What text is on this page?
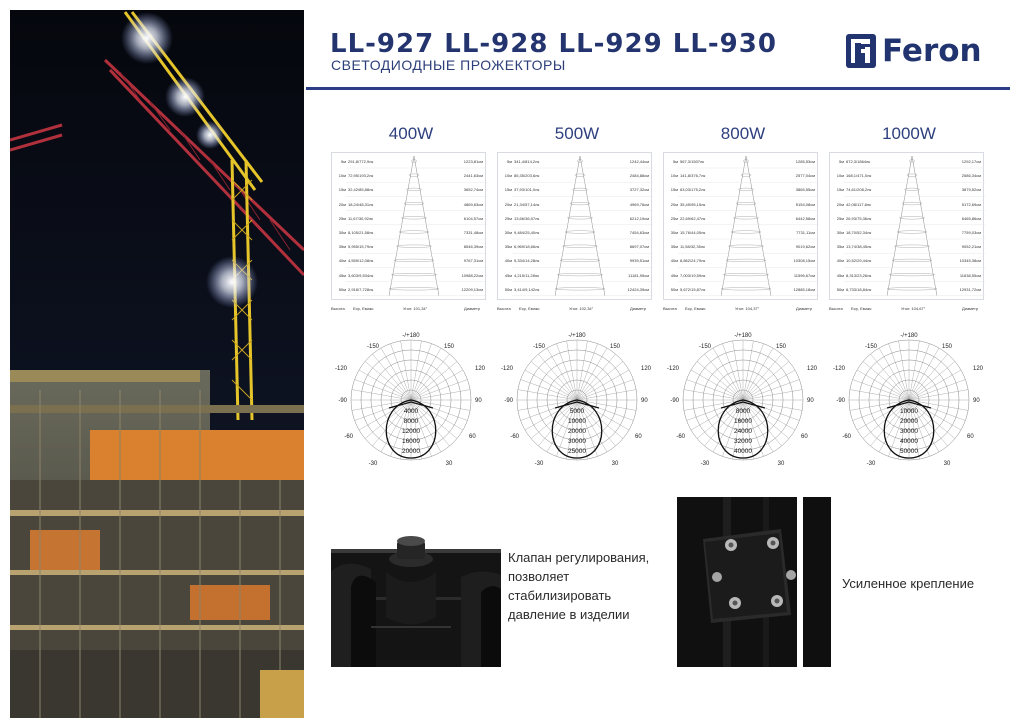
LL-927 LL-928 LL-929 LL-930
СВЕТОДИОДНЫЕ ПРОЖЕКТОРЫ	Feron
400W	500W	800W	1000W
5м 291,8/772,9лк	1223,81см
10м 72,95/193,2лк	2441,63см
15м 32,42/85,88лк	3652,74см
20м 18,24/48,31лк	4869,63см
25м 11,67/30,92лк	6104,57см
30м 8,105/21,58лк	7331,48см
35м 5,955/15,79лк	8546,39см
40м 4,559/12,08лк	9767,31см
45м 3,603/9,534лк	10988,22см
50м 2,918/7,728лк	12209,13см
Высота Еср, Емакс	Угол: 101,34°	Диаметр
5м 341,4/814,2лк	1242,44см
10м 85,35/203,6лк	2484,88см
15м 37,93/101,0лк	3727,32см
20м 21,34/57,14лк	4969,76см
25м 13,66/36,57лк	6212,19см
30м 9,484/25,40лк	7454,63см
35м 6,969/18,66лк	8697,07см
40м 5,334/14,28лк	9939,51см
45м 4,215/11,28лк	11181,95см
50м 3,414/9,142лк	12424,39см
Высота Еср, Емакс	Угол: 102,34°	Диаметр
5м 567,3/1507лк	1285,53см
10м 141,8/376,7лк	2577,04см
15м 63,03/175,2лк	3865,55см
20м 35,45/95,15лк	5154,08см
25м 22,69/62,47лк	6442,58см
30м 15,76/44,05лк	7731,11см
35м 11,58/32,35лк	9019,62см
40м 8,862/24,79лк	10308,15см
45м 7,003/19,59лк	11596,67см
50м 5,672/15,87лк	12885,18см
Высота Еср, Емакс	Угол: 104,37°	Диаметр
5м 672,3/1864лк	1292,17см
10м 168,1/471,0лк	2586,34см
15м 74,61/208,2лк	3879,52см
20м 42,08/117,8лк	5172,69см
25м 26,93/75,36лк	6465,86см
30м 18,70/52,34лк	7759,03см
35м 13,74/38,45лк	9052,21см
40м 10,52/29,44лк	10345,38см
45м 8,313/23,26лк	11638,55см
50м 6,733/18,84лк	12931,72см
Высота Еср, Емакс	Угол: 104,67°	Диаметр
-/+180
-150	150
-120	120
-90	90
-60	60
-30	30
4000
8000
12000
16000
20000
-/+180
-150	150
-120	120
-90	90
-60	60
-30	30
5000
10000
20000
30000
25000
-/+180
-150	150
-120	120
-90	90
-60	60
-30	30
8000
16000
24000
32000
40000
-/+180
-150	150
-120	120
-90	90
-60	60
-30	30
10000
20000
30000
40000
50000
Клапан регулирования, позволяет стабилизировать давление в изделии
Усиленное крепление
